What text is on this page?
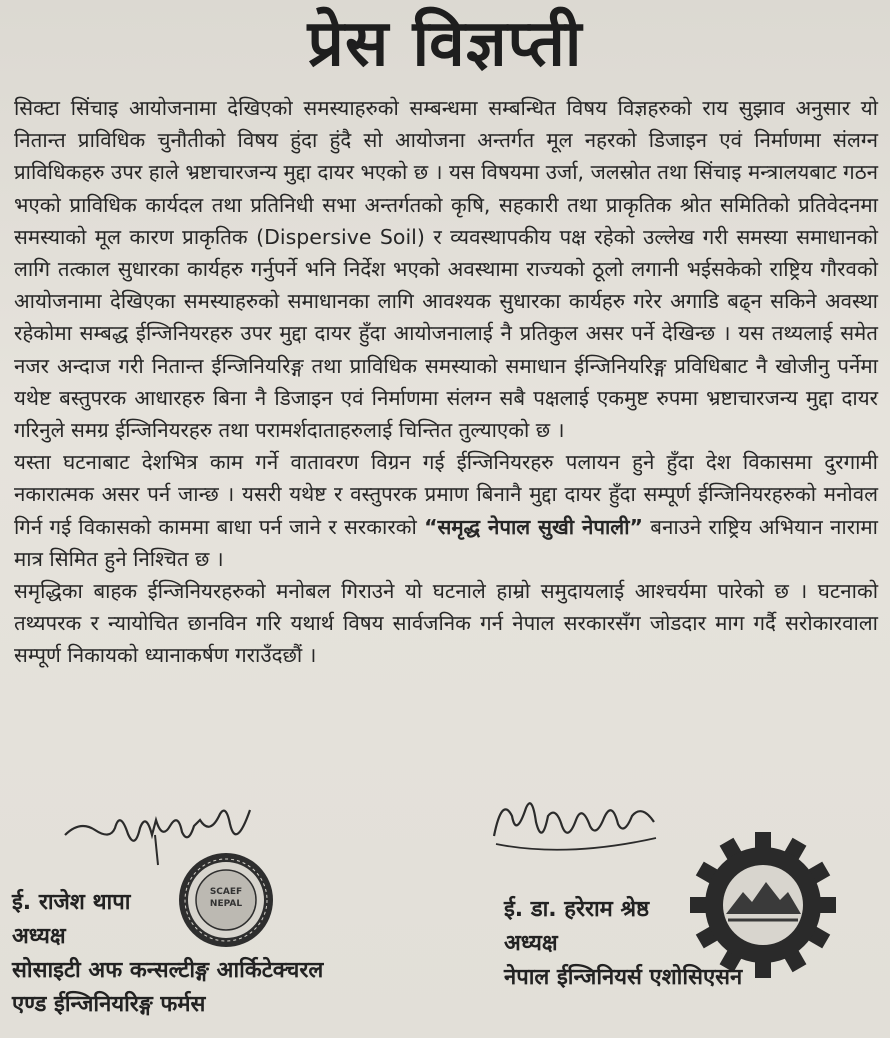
प्रेस विज्ञप्ती

सिक्टा सिंचाइ आयोजनामा देखिएको समस्याहरुको सम्बन्धमा सम्बन्धित विषय विज्ञहरुको राय सुझाव अनुसार यो नितान्त प्राविधिक चुनौतीको विषय हुंदा हुंदै सो आयोजना अन्तर्गत मूल नहरको डिजाइन एवं निर्माणमा संलग्न प्राविधिकहरु उपर हाले भ्रष्टाचारजन्य मुद्दा दायर भएको छ । यस विषयमा उर्जा, जलस्रोत तथा सिंचाइ मन्त्रालयबाट गठन भएको प्राविधिक कार्यदल तथा प्रतिनिधी सभा अन्तर्गतको कृषि, सहकारी तथा प्राकृतिक श्रोत समितिको प्रतिवेदनमा समस्याको मूल कारण प्राकृतिक (Dispersive Soil) र व्यवस्थापकीय पक्ष रहेको उल्लेख गरी समस्या समाधानको लागि तत्काल सुधारका कार्यहरु गर्नुपर्ने भनि निर्देश भएको अवस्थामा राज्यको ठूलो लगानी भईसकेको राष्ट्रिय गौरवको आयोजनामा देखिएका समस्याहरुको समाधानका लागि आवश्यक सुधारका कार्यहरु गरेर अगाडि बढ्न सकिने अवस्था रहेकोमा सम्बद्ध ईन्जिनियरहरु उपर मुद्दा दायर हुँदा आयोजनालाई नै प्रतिकुल असर पर्ने देखिन्छ । यस तथ्यलाई समेत नजर अन्दाज गरी नितान्त ईन्जिनियरिङ्ग तथा प्राविधिक समस्याको समाधान ईन्जिनियरिङ्ग प्रविधिबाट नै खोजीनु पर्नेमा यथेष्ट बस्तुपरक आधारहरु बिना नै डिजाइन एवं निर्माणमा संलग्न सबै पक्षलाई एकमुष्ट रुपमा भ्रष्टाचारजन्य मुद्दा दायर गरिनुले समग्र ईन्जिनियरहरु तथा परामर्शदाताहरुलाई चिन्तित तुल्याएको छ ।

यस्ता घटनाबाट देशभित्र काम गर्ने वातावरण विग्रन गई ईन्जिनियरहरु पलायन हुने हुँदा देश विकासमा दुरगामी नकारात्मक असर पर्न जान्छ । यसरी यथेष्ट र वस्तुपरक प्रमाण बिनानै मुद्दा दायर हुँदा सम्पूर्ण ईन्जिनियरहरुको मनोवल गिर्न गई विकासको काममा बाधा पर्न जाने र सरकारको “समृद्ध नेपाल सुखी नेपाली” बनाउने राष्ट्रिय अभियान नारामा मात्र सिमित हुने निश्चित छ ।

समृद्धिका बाहक ईन्जिनियरहरुको मनोबल गिराउने यो घटनाले हाम्रो समुदायलाई आश्चर्यमा पारेको छ । घटनाको तथ्यपरक र न्यायोचित छानविन गरि यथार्थ विषय सार्वजनिक गर्न नेपाल सरकारसँग जोडदार माग गर्दै सरोकारवाला सम्पूर्ण निकायको ध्यानाकर्षण गराउँदछौं ।

SCAEF NEPAL
ई. राजेश थापा
अध्यक्ष
सोसाइटी अफ कन्सल्टीङ्ग आर्किटेक्चरल
एण्ड ईन्जिनियरिङ्ग फर्मस
ई. डा. हरेराम श्रेष्ठ
अध्यक्ष
नेपाल ईन्जिनियर्स एशोसिएसन
